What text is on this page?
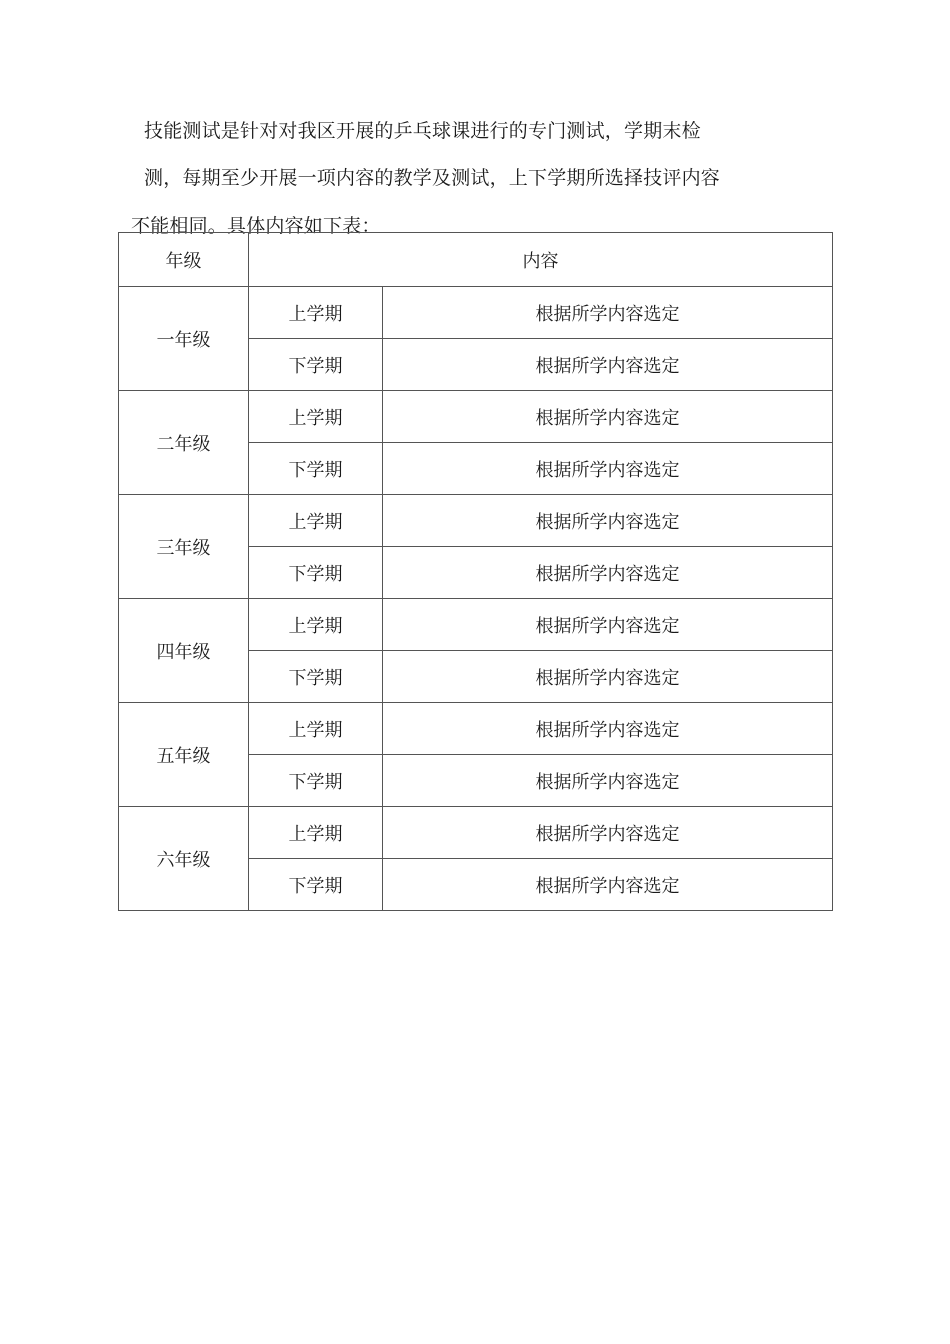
技能测试是针对对我区开展的乒乓球课进行的专门测试，学期末检
测，每期至少开展一项内容的教学及测试，上下学期所选择技评内容
不能相同。具体内容如下表：
年级	内容	
一年级	上学期	根据所学内容选定
	下学期	根据所学内容选定
二年级	上学期	根据所学内容选定
	下学期	根据所学内容选定
三年级	上学期	根据所学内容选定
	下学期	根据所学内容选定
四年级	上学期	根据所学内容选定
	下学期	根据所学内容选定
五年级	上学期	根据所学内容选定
	下学期	根据所学内容选定
六年级	上学期	根据所学内容选定
	下学期	根据所学内容选定
